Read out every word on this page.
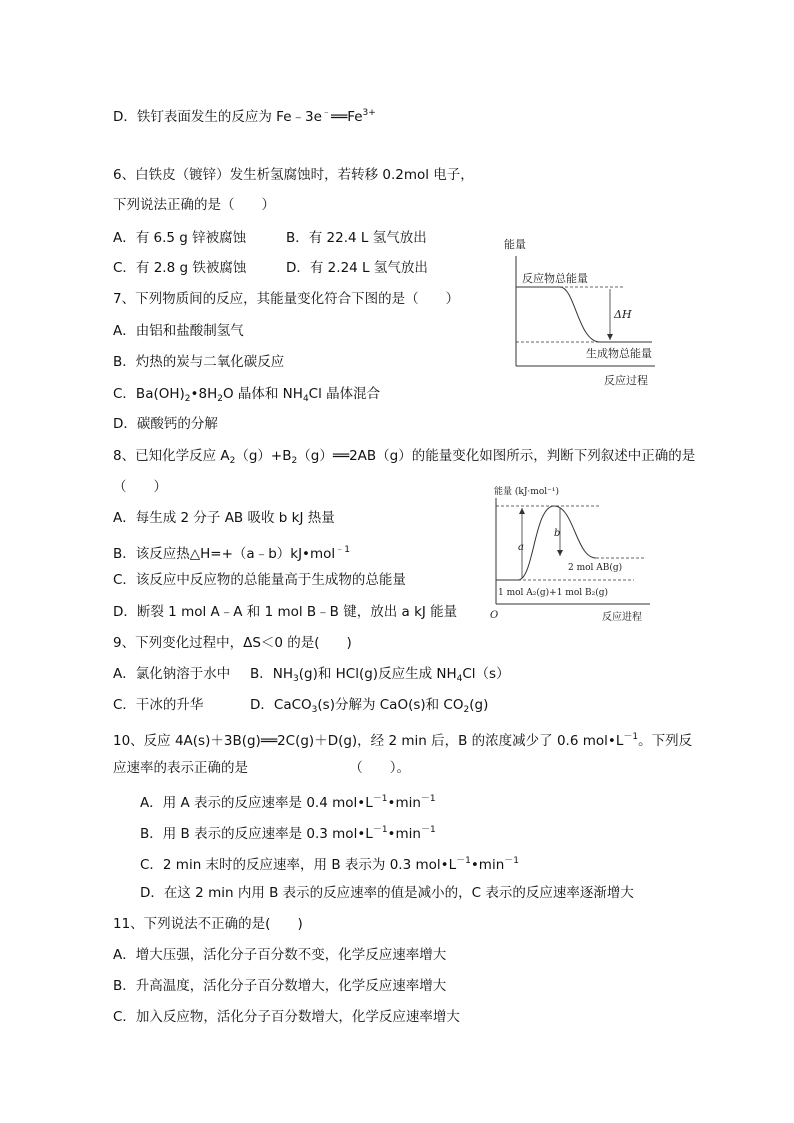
D．铁钉表面发生的反应为 $Fe﹣3e^﹣══Fe^{3+}$
6、白铁皮（镀锌）发生析氢腐蚀时，若转移 0.2mol 电子，
下列说法正确的是（　　）
A．有 6.5 g 锌被腐蚀	B．有 22.4 L 氢气放出
C．有 2.8 g 铁被腐蚀	D．有 2.24 L 氢气放出
7、下列物质间的反应，其能量变化符合下图的是（　　）
A．由铝和盐酸制氢气
B．灼热的炭与二氧化碳反应
C．$Ba(OH)_2•8H_2O$ 晶体和 $NH_4Cl$ 晶体混合
D．碳酸钙的分解
能量
反应物总能量
ΔH
生成物总能量
反应过程
8、已知化学反应 $A_2(g)+B_2(g)══2AB(g)$的能量变化如图所示，判断下列叙述中正确的是
（　　）
A．每生成 2 分子 AB 吸收 b kJ 热量
B．该反应热△H=+（a﹣b）kJ•mol$^{﹣1}$
C．该反应中反应物的总能量高于生成物的总能量
D．断裂 1 mol A﹣A 和 1 mol B﹣B 键，放出 a kJ 能量
能量 (kJ·mol⁻¹)
a
b
2 mol AB(g)
1 mol A₂(g)+1 mol B₂(g)
O	反应进程
9、下列变化过程中，ΔS＜0 的是(　　)
A．氯化钠溶于水中 B．$NH_3(g)$和 HCl(g)反应生成 $NH_4Cl(s)$
C．干冰的升华	D．CaCO$_3$(s)分解为 CaO(s)和 $CO_2(g)$
10、反应 4A(s)＋3B(g)══2C(g)＋D(g)，经 2 min 后，B 的浓度减少了 0.6 $mol•L^{-1}$。下列反
应速率的表示正确的是　　　　　　　　（　　）。
A．用 A 表示的反应速率是 0.4 $mol•L^{-1}•\min^{-1}$
B．用 B 表示的反应速率是 0.3 $mol•L^{-1}•\min^{-1}$
C．2 min 末时的反应速率，用 B 表示为 0.3 $mol•L^{-1}•\min^{-1}$
D．在这 2 min 内用 B 表示的反应速率的值是减小的，C 表示的反应速率逐渐增大
11、下列说法不正确的是(　　)
A．增大压强，活化分子百分数不变，化学反应速率增大
B．升高温度，活化分子百分数增大，化学反应速率增大
C．加入反应物，活化分子百分数增大，化学反应速率增大
